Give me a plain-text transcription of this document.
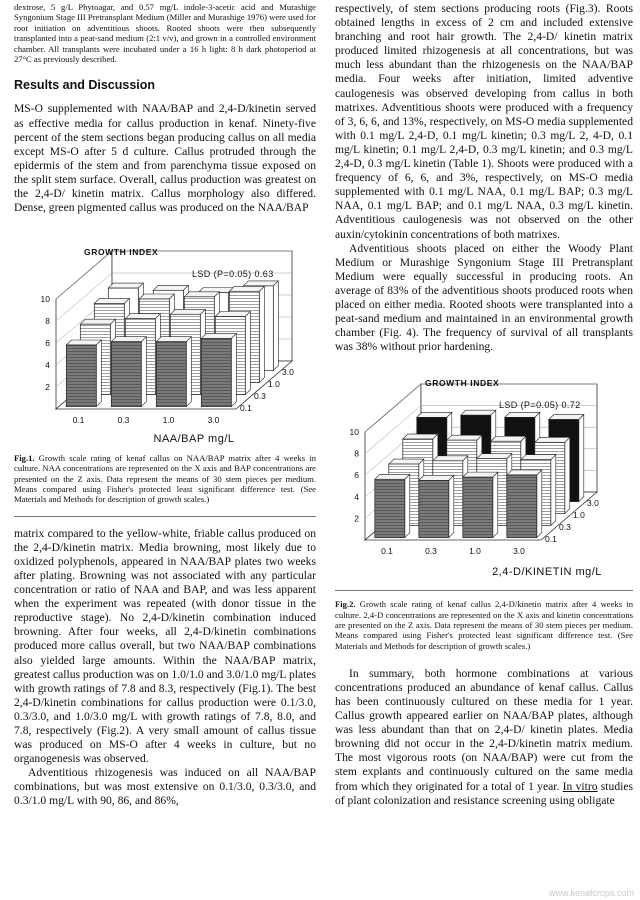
dextrose, 5 g/L Phytoagar, and 0.57 mg/L indole-3-acetic acid and Murashige Syngonium Stage III Pretransplant Medium (Miller and Murashige 1976) were used for root initiation on adventitious shoots. Rooted shoots were then subsequently transplanted into a peat-sand medium (2:1 v/v), and grown in a controlled environment chamber. All transplants were incubated under a 16 h light: 8 h dark photoperiod at 27°C as previously described.

Results and Discussion

MS-O supplemented with NAA/BAP and 2,4-D/kinetin served as effective media for callus production in kenaf. Ninety-five percent of the stem sections began producing callus on all media except MS-O after 5 d culture. Callus protruded through the epidermis of the stem and from parenchyma tissue exposed on the split stem surface. Overall, callus production was greatest on the 2,4-D/ kinetin matrix. Callus morphology also differed. Dense, green pigmented callus was produced on the NAA/BAP

10
8
6
4
2
0.1	0.3	1.0	3.0
0.1
0.3
1.0
3.0
GROWTH INDEX
LSD (P=0.05) 0.63
NAA/BAP mg/L

Fig.1. Growth scale rating of kenaf callus on NAA/BAP matrix after 4 weeks in culture. NAA concentrations are represented on the X axis and BAP concentrations are presented on the Z axis. Data represent the means of 30 stem pieces per medium. Means compared using Fisher's protected least significant difference test. (See Materials and Methods for description of growth scales.)

matrix compared to the yellow-white, friable callus produced on the 2,4-D/kinetin matrix. Media browning, most likely due to oxidized polyphenols, appeared in NAA/BAP plates two weeks after plating. Browning was not associated with any particular concentration or ratio of NAA and BAP, and was less apparent when the experiment was repeated (with donor tissue in the reproductive stage). No 2,4-D/kinetin combination induced browning. After four weeks, all 2,4-D/kinetin combinations produced more callus overall, but two NAA/BAP combinations also yielded large amounts. Within the NAA/BAP matrix, greatest callus production was on 1.0/1.0 and 3.0/1.0 mg/L plates with growth ratings of 7.8 and 8.3, respectively (Fig.1). The best 2,4-D/kinetin combinations for callus production were 0.1/3.0, 0.3/3.0, and 1.0/3.0 mg/L with growth ratings of 7.8, 8.0, and 7.8, respectively (Fig.2). A very small amount of callus tissue was produced on MS-O after 4 weeks in culture, but no organogenesis was observed.

Adventitious rhizogenesis was induced on all NAA/BAP combinations, but was most extensive on 0.1/3.0, 0.3/3.0, and 0.3/1.0 mg/L with 90, 86, and 86%,

respectively, of stem sections producing roots (Fig.3). Roots obtained lengths in excess of 2 cm and included extensive branching and root hair growth. The 2,4-D/ kinetin matrix produced limited rhizogenesis at all concentrations, but was much less abundant than the rhizogenesis on the NAA/BAP media. Four weeks after initiation, limited adventive caulogenesis was observed developing from callus in both matrixes. Adventitious shoots were produced with a frequency of 3, 6, 6, and 13%, respectively, on MS-O media supplemented with 0.1 mg/L 2,4-D, 0.1 mg/L kinetin; 0.3 mg/L 2, 4-D, 0.1 mg/L kinetin; 0.1 mg/L 2,4-D, 0.3 mg/L kinetin; and 0.3 mg/L 2,4-D, 0.3 mg/L kinetin (Table 1). Shoots were produced with a frequency of 6, 6, and 3%, respectively, on MS-O media supplemented with 0.1 mg/L NAA, 0.1 mg/L BAP; 0.3 mg/L NAA, 0.1 mg/L BAP; and 0.1 mg/L NAA, 0.3 mg/L kinetin. Adventitious caulogenesis was not observed on the other auxin/cytokinin concentrations of both matrixes.

Adventitious shoots placed on either the Woody Plant Medium or Murashige Syngonium Stage III Pretransplant Medium were equally successful in producing roots. An average of 83% of the adventitious shoots produced roots when placed on either media. Rooted shoots were transplanted into a peat-sand medium and maintained in an environmental growth chamber (Fig. 4). The frequency of survival of all transplants was 38% without prior hardening.

10
8
6
4
2
0.1	0.3	1.0	3.0
0.1
0.3
1.0
3.0
GROWTH INDEX
LSD (P=0.05) 0.72
2,4-D/KINETIN mg/L

Fig.2. Growth scale rating of kenaf callus 2,4-D/kinetin matrix after 4 weeks in culture. 2,4-D concentrations are represented on the X axis and kinetin concentrations are presented on the Z axis. Data represent the means of 30 stem pieces per medium. Means compared using Fisher's protected least significant difference test. (See Materials and Methods for description of growth scales.)

In summary, both hormone combinations at various concentrations produced an abundance of kenaf callus. Callus has been continuously cultured on these media for 1 year. Callus growth appeared earlier on NAA/BAP plates, although was less abundant than that on 2,4-D/ kinetin plates. Media browning did not occur in the 2,4-D/kinetin matrix medium. The most vigorous roots (on NAA/BAP) were cut from the stem explants and continuously cultured on the same media from which they originated for a total of 1 year. In vitro studies of plant colonization and resistance screening using obligate

www.kenafcrops.com
